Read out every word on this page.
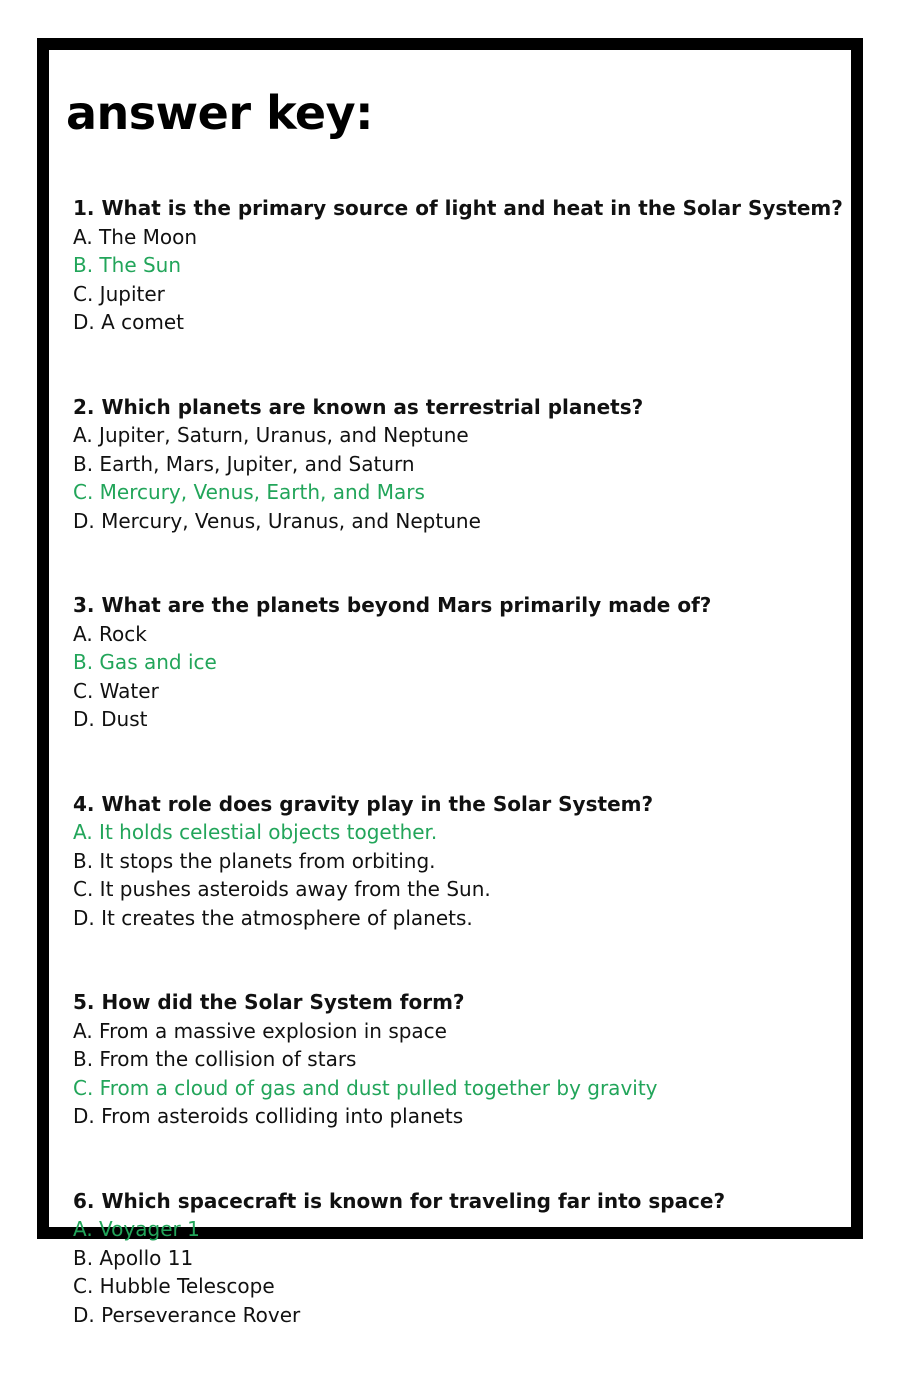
answer key:
1. What is the primary source of light and heat in the Solar System?
A. The Moon
B. The Sun
C. Jupiter
D. A comet
2. Which planets are known as terrestrial planets?
A. Jupiter, Saturn, Uranus, and Neptune
B. Earth, Mars, Jupiter, and Saturn
C. Mercury, Venus, Earth, and Mars
D. Mercury, Venus, Uranus, and Neptune
3. What are the planets beyond Mars primarily made of?
A. Rock
B. Gas and ice
C. Water
D. Dust
4. What role does gravity play in the Solar System?
A. It holds celestial objects together.
B. It stops the planets from orbiting.
C. It pushes asteroids away from the Sun.
D. It creates the atmosphere of planets.
5. How did the Solar System form?
A. From a massive explosion in space
B. From the collision of stars
C. From a cloud of gas and dust pulled together by gravity
D. From asteroids colliding into planets
6. Which spacecraft is known for traveling far into space?
A. Voyager 1
B. Apollo 11
C. Hubble Telescope
D. Perseverance Rover
